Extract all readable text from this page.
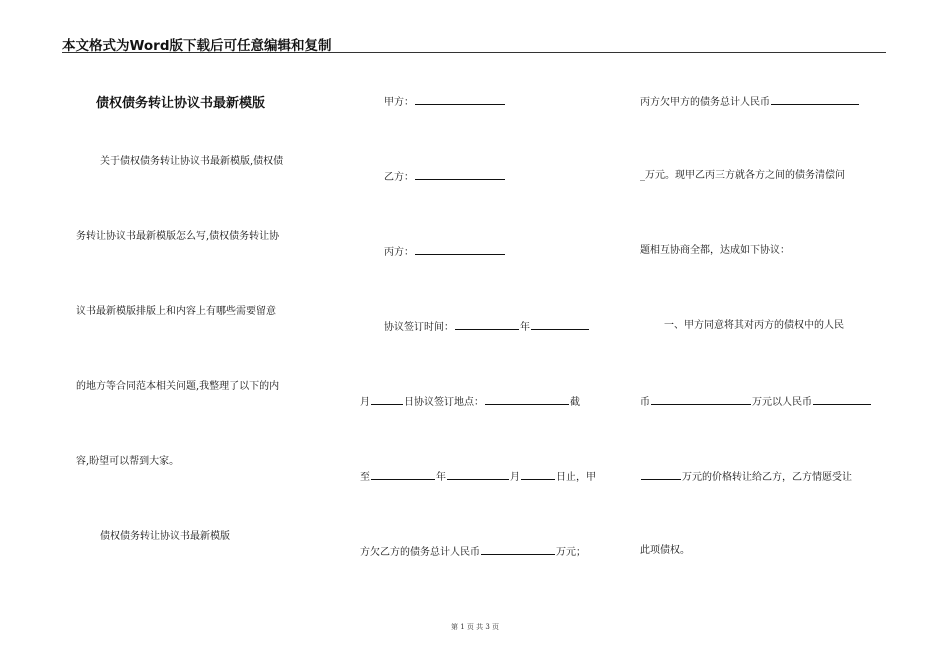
本文格式为Word版下载后可任意编辑和复制
债权债务转让协议书最新模版
关于债权债务转让协议书最新模版,债权债
务转让协议书最新模版怎么写,债权债务转让协
议书最新模版排版上和内容上有哪些需要留意
的地方等合同范本相关问题,我整理了以下的内
容,盼望可以帮到大家。
债权债务转让协议书最新模版
甲方：
乙方：
丙方：
协议签订时间：	年
月	日协议签订地点：	截
至	年	月	日止，甲
方欠乙方的债务总计人民币	万元；
丙方欠甲方的债务总计人民币
_万元。现甲乙丙三方就各方之间的债务清偿问
题相互协商全都，达成如下协议：
一、甲方同意将其对丙方的债权中的人民
币	万元以人民币
万元的价格转让给乙方，乙方情愿受让
此项债权。
第 1 页 共 3 页
